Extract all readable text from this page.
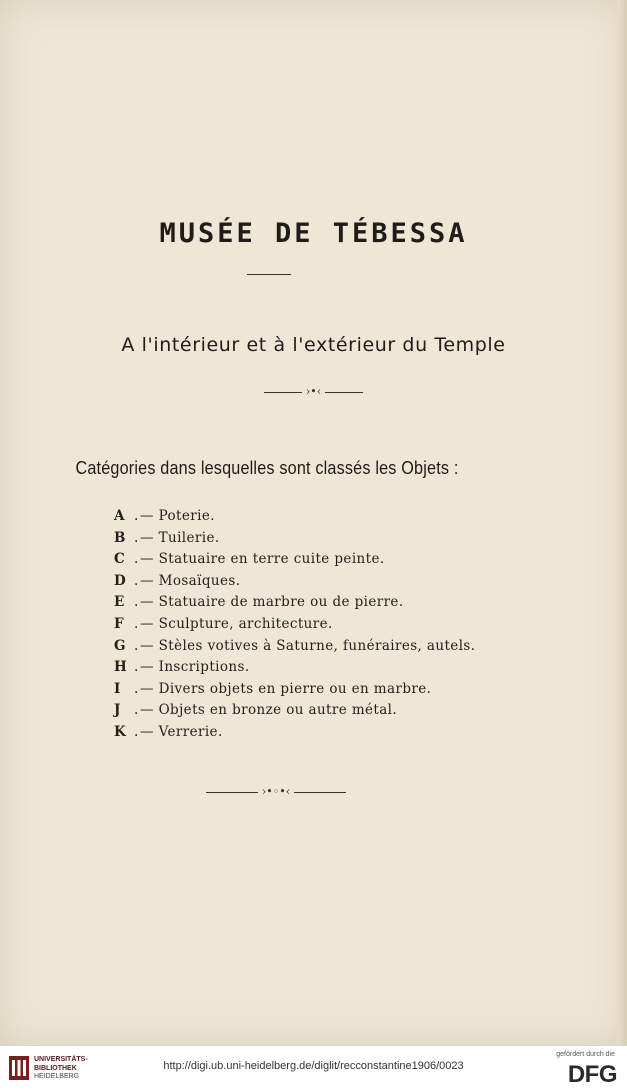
MUSÉE DE TÉBESSA
A l'intérieur et à l'extérieur du Temple
›•‹
Catégories dans lesquelles sont classés les Objets :
A .— Poterie.
B .— Tuilerie.
C .— Statuaire en terre cuite peinte.
D .— Mosaïques.
E .— Statuaire de marbre ou de pierre.
F .— Sculpture, architecture.
G .— Stèles votives à Saturne, funéraires, autels.
H .— Inscriptions.
I .— Divers objets en pierre ou en marbre.
J .— Objets en bronze ou autre métal.
K .— Verrerie.
›•◦•‹
UNIVERSITÄTS-
BIBLIOTHEK
HEIDELBERG
http://digi.ub.uni-heidelberg.de/diglit/recconstantine1906/0023
gefördert durch die
DFG
